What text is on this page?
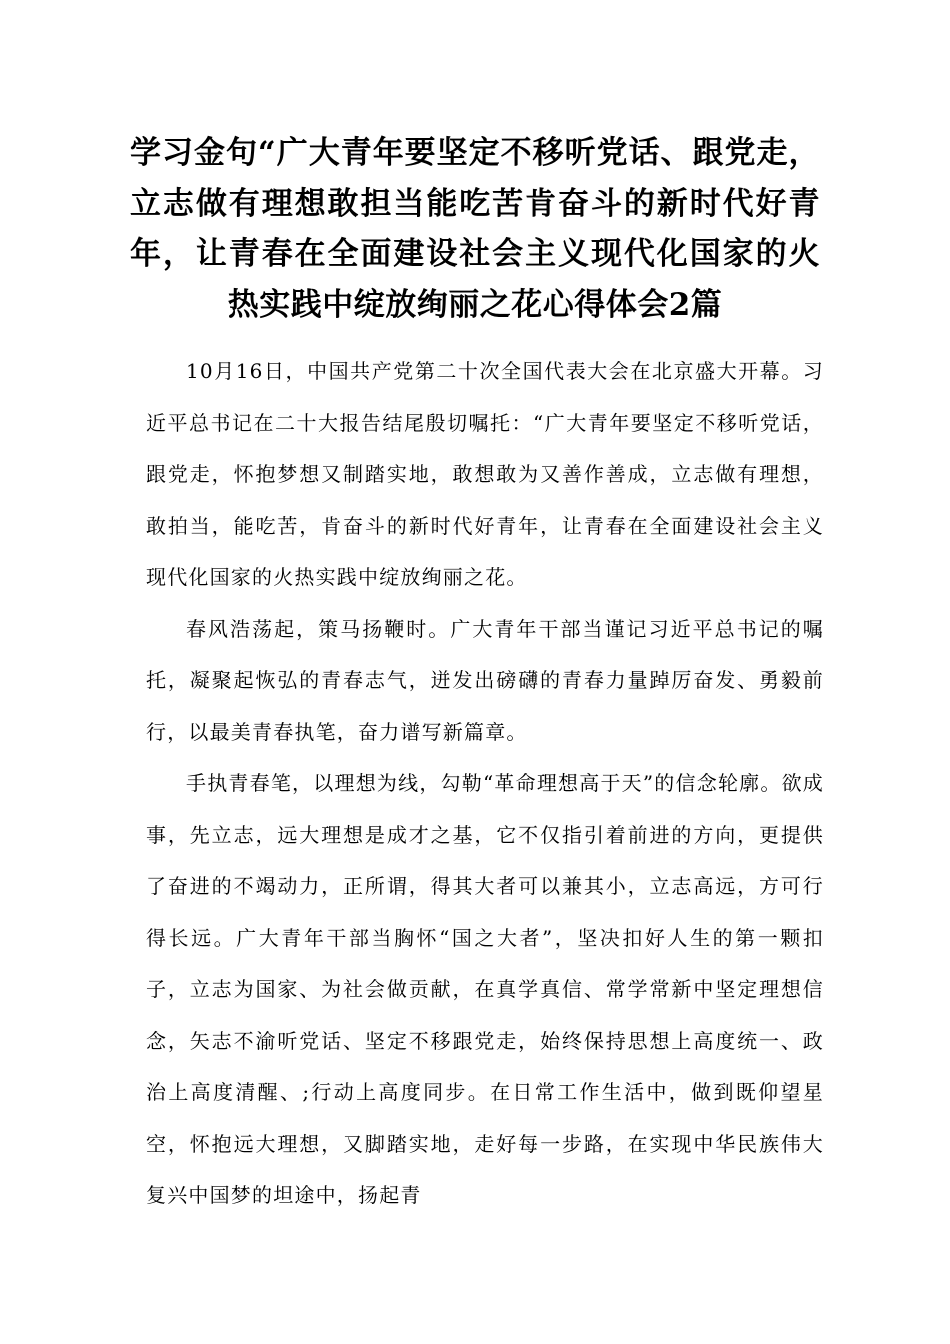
学习金句“广大青年要坚定不移听党话、跟党走，立志做有理想敢担当能吃苦肯奋斗的新时代好青年，让青春在全面建设社会主义现代化国家的火热实践中绽放绚丽之花心得体会2篇

10月16日，中国共产党第二十次全国代表大会在北京盛大开幕。习近平总书记在二十大报告结尾殷切嘱托：“广大青年要坚定不移听党话，跟党走，怀抱梦想又制踏实地，敢想敢为又善作善成，立志做有理想，敢拍当，能吃苦，肯奋斗的新时代好青年，让青春在全面建设社会主义现代化国家的火热实践中绽放绚丽之花。

春风浩荡起，策马扬鞭时。广大青年干部当谨记习近平总书记的嘱托，凝聚起恢弘的青春志气，迸发出磅礴的青春力量踔厉奋发、勇毅前行，以最美青春执笔，奋力谱写新篇章。

手执青春笔，以理想为线，勾勒“革命理想高于天”的信念轮廓。欲成事，先立志，远大理想是成才之基，它不仅指引着前进的方向，更提供了奋进的不竭动力，正所谓，得其大者可以兼其小，立志高远，方可行得长远。广大青年干部当胸怀“国之大者”，坚决扣好人生的第一颗扣子，立志为国家、为社会做贡献，在真学真信、常学常新中坚定理想信念，矢志不渝听党话、坚定不移跟党走，始终保持思想上高度统一、政治上高度清醒、;行动上高度同步。在日常工作生活中，做到既仰望星空，怀抱远大理想，又脚踏实地，走好每一步路，在实现中华民族伟大复兴中国梦的坦途中，扬起青
